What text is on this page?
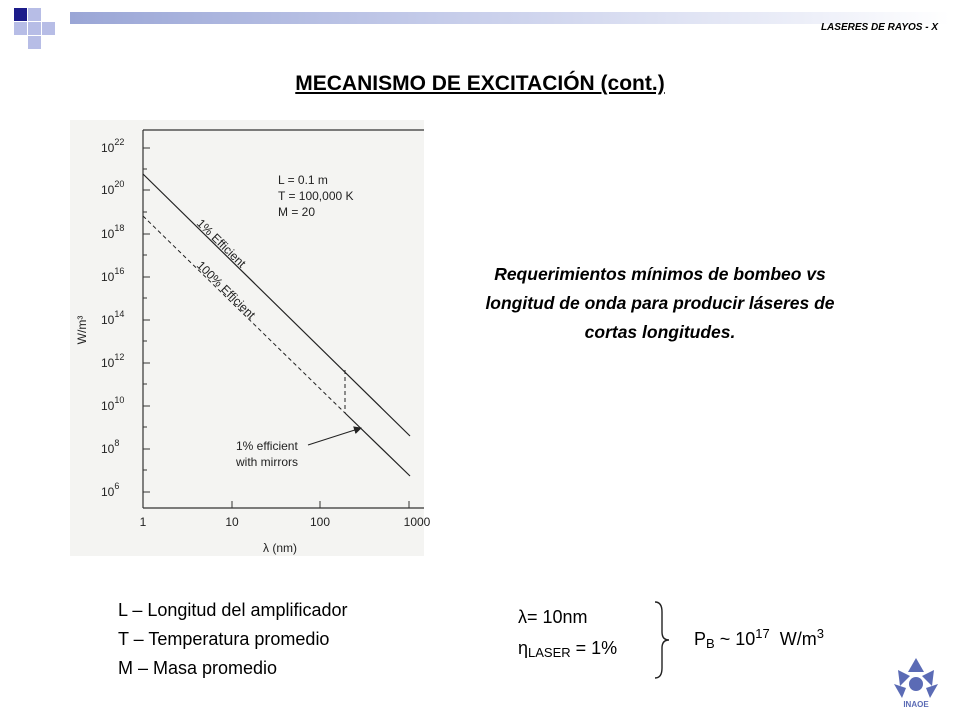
LASERES DE RAYOS - X
MECANISMO DE EXCITACIÓN (cont.)
$10^{22}$
$10^{20}$
$10^{18}$
$10^{16}$
$10^{14}$
$10^{12}$
$10^{10}$
$10^8$
$10^6$
W/m³
1	10	100	1000
λ (nm)
1% Efficient
100% Efficient
L = 0.1 m
T = 100,000 K
M = 20
1% efficient
with mirrors
Requerimientos mínimos de bombeo vs longitud de onda para producir láseres de cortas longitudes.
L – Longitud del amplificador
T – Temperatura promedio
M – Masa promedio
λ= 10nm
$\eta_{LASER} = 1\%$	$P_B$ ~ $10^{17}$  $W/m^3$
INAOE
